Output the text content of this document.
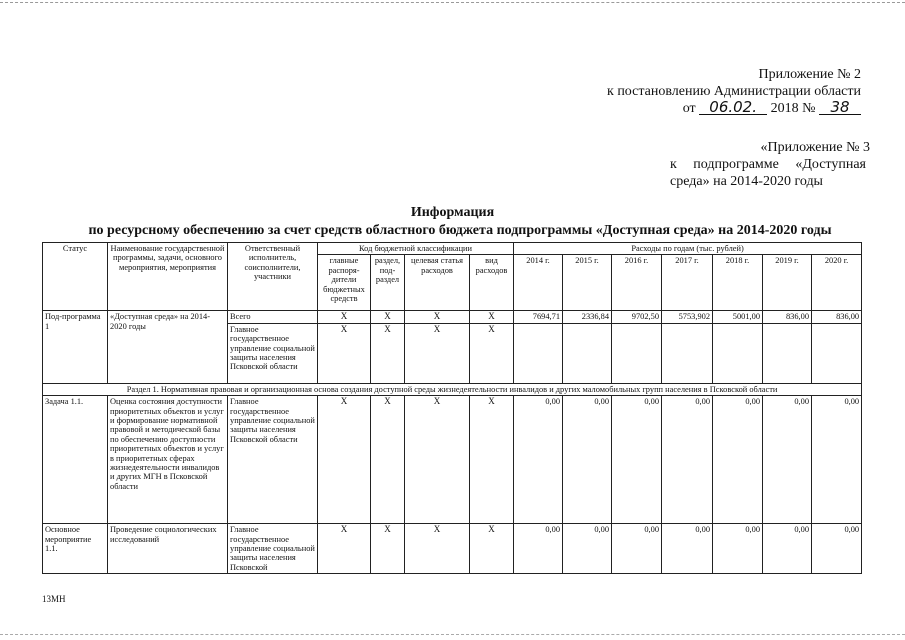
Приложение № 2
к постановлению Администрации области
от 06.02. 2018 № 38
«Приложение № 3
к подпрограмме «Доступная
среда» на 2014-2020 годы
Информация
по ресурсному обеспечению за счет средств областного бюджета подпрограммы «Доступная среда» на 2014-2020 годы
Статус	Наименование государственной программы, задачи, основного мероприятия, мероприятия	Ответственный исполнитель, соисполнители, участники	Код бюджетной классификации				Расходы по годам (тыс. рублей)						
			главные распоря-дители бюджетных средств	раздел, под-раздел	целевая статья расходов	вид расходов	2014 г.	2015 г.	2016 г.	2017 г.	2018 г.	2019 г.	2020 г.
Под-программа 1	«Доступная среда» на 2014-2020 годы	Всего	X	X	X	X	7694,71	2336,84	9702,50	5753,902	5001,00	836,00	836,00
		Главное государственное управление социальной защиты населения Псковской области	X	X	X	X							
Раздел 1. Нормативная правовая и организационная основа создания доступной среды жизнедеятельности инвалидов и других маломобильных групп населения в Псковской области													
Задача 1.1.	Оценка состояния доступности приоритетных объектов и услуг и формирование нормативной правовой и методической базы по обеспечению доступности приоритетных объектов и услуг в приоритетных сферах жизнедеятельности инвалидов и других МГН в Псковской области	Главное государственное управление социальной защиты населения Псковской области	X	X	X	X	0,00	0,00	0,00	0,00	0,00	0,00	0,00
Основное мероприятие 1.1.	Проведение социологических исследований	Главное государственное управление социальной защиты населения Псковской	X	X	X	X	0,00	0,00	0,00	0,00	0,00	0,00	0,00
13МН
